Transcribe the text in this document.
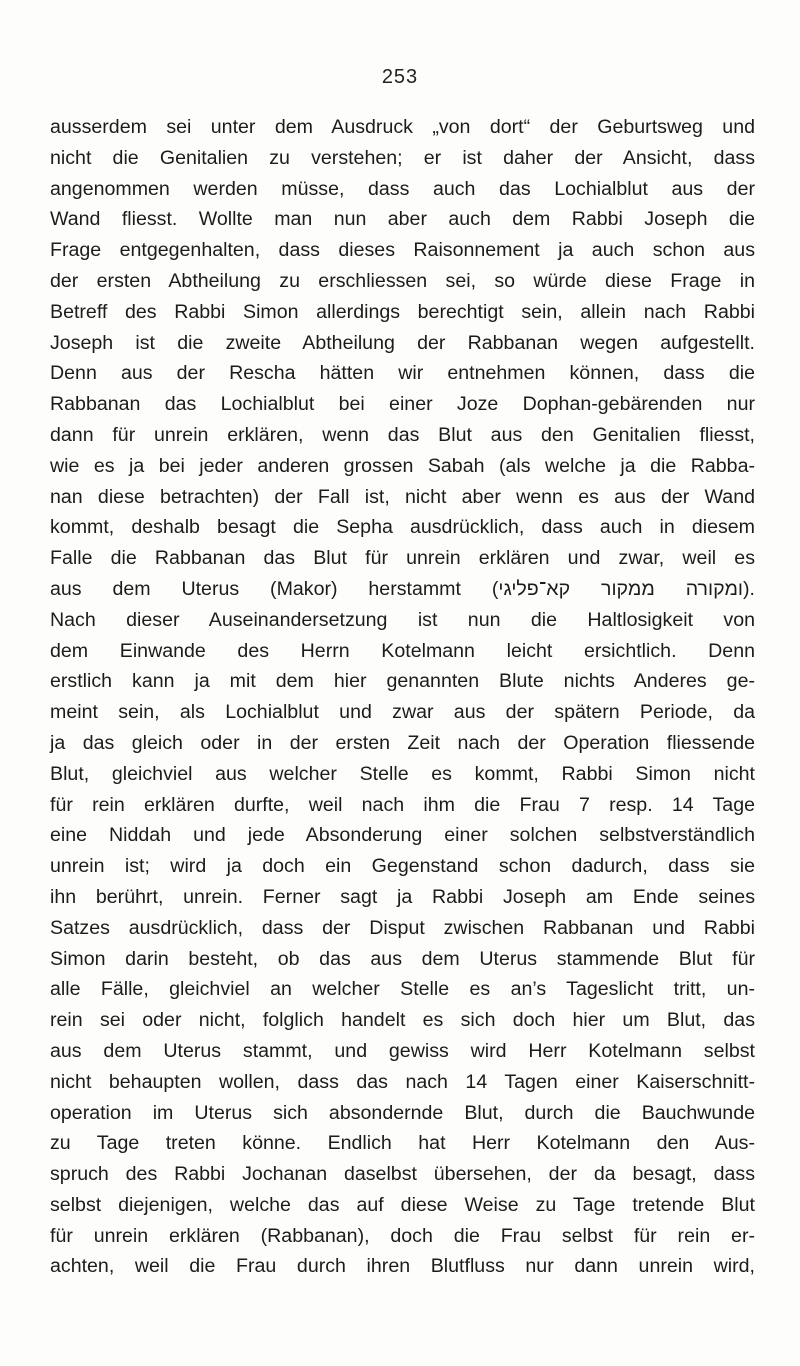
253
ausserdem sei unter dem Ausdruck „von dort“ der Geburtsweg und
nicht die Genitalien zu verstehen; er ist daher der Ansicht, dass
angenommen werden müsse, dass auch das Lochialblut aus der
Wand fliesst. Wollte man nun aber auch dem Rabbi Joseph die
Frage entgegenhalten, dass dieses Raisonnement ja auch schon aus
der ersten Abtheilung zu erschliessen sei, so würde diese Frage in
Betreff des Rabbi Simon allerdings berechtigt sein, allein nach Rabbi
Joseph ist die zweite Abtheilung der Rabbanan wegen aufgestellt.
Denn aus der Rescha hätten wir entnehmen können, dass die
Rabbanan das Lochialblut bei einer Joze Dophan-gebärenden nur
dann für unrein erklären, wenn das Blut aus den Genitalien fliesst,
wie es ja bei jeder anderen grossen Sabah (als welche ja die Rabba-
nan diese betrachten) der Fall ist, nicht aber wenn es aus der Wand
kommt, deshalb besagt die Sepha ausdrücklich, dass auch in diesem
Falle die Rabbanan das Blut für unrein erklären und zwar, weil es
aus dem Uterus (Makor) herstammt (ומקורה ממקור קא־פליגי).
Nach dieser Auseinandersetzung ist nun die Haltlosigkeit von
dem Einwande des Herrn Kotelmann leicht ersichtlich. Denn
erstlich kann ja mit dem hier genannten Blute nichts Anderes ge-
meint sein, als Lochialblut und zwar aus der spätern Periode, da
ja das gleich oder in der ersten Zeit nach der Operation fliessende
Blut, gleichviel aus welcher Stelle es kommt, Rabbi Simon nicht
für rein erklären durfte, weil nach ihm die Frau 7 resp. 14 Tage
eine Niddah und jede Absonderung einer solchen selbstverständlich
unrein ist; wird ja doch ein Gegenstand schon dadurch, dass sie
ihn berührt, unrein. Ferner sagt ja Rabbi Joseph am Ende seines
Satzes ausdrücklich, dass der Disput zwischen Rabbanan und Rabbi
Simon darin besteht, ob das aus dem Uterus stammende Blut für
alle Fälle, gleichviel an welcher Stelle es an’s Tageslicht tritt, un-
rein sei oder nicht, folglich handelt es sich doch hier um Blut, das
aus dem Uterus stammt, und gewiss wird Herr Kotelmann selbst
nicht behaupten wollen, dass das nach 14 Tagen einer Kaiserschnitt-
operation im Uterus sich absondernde Blut, durch die Bauchwunde
zu Tage treten könne. Endlich hat Herr Kotelmann den Aus-
spruch des Rabbi Jochanan daselbst übersehen, der da besagt, dass
selbst diejenigen, welche das auf diese Weise zu Tage tretende Blut
für unrein erklären (Rabbanan), doch die Frau selbst für rein er-
achten, weil die Frau durch ihren Blutfluss nur dann unrein wird,
